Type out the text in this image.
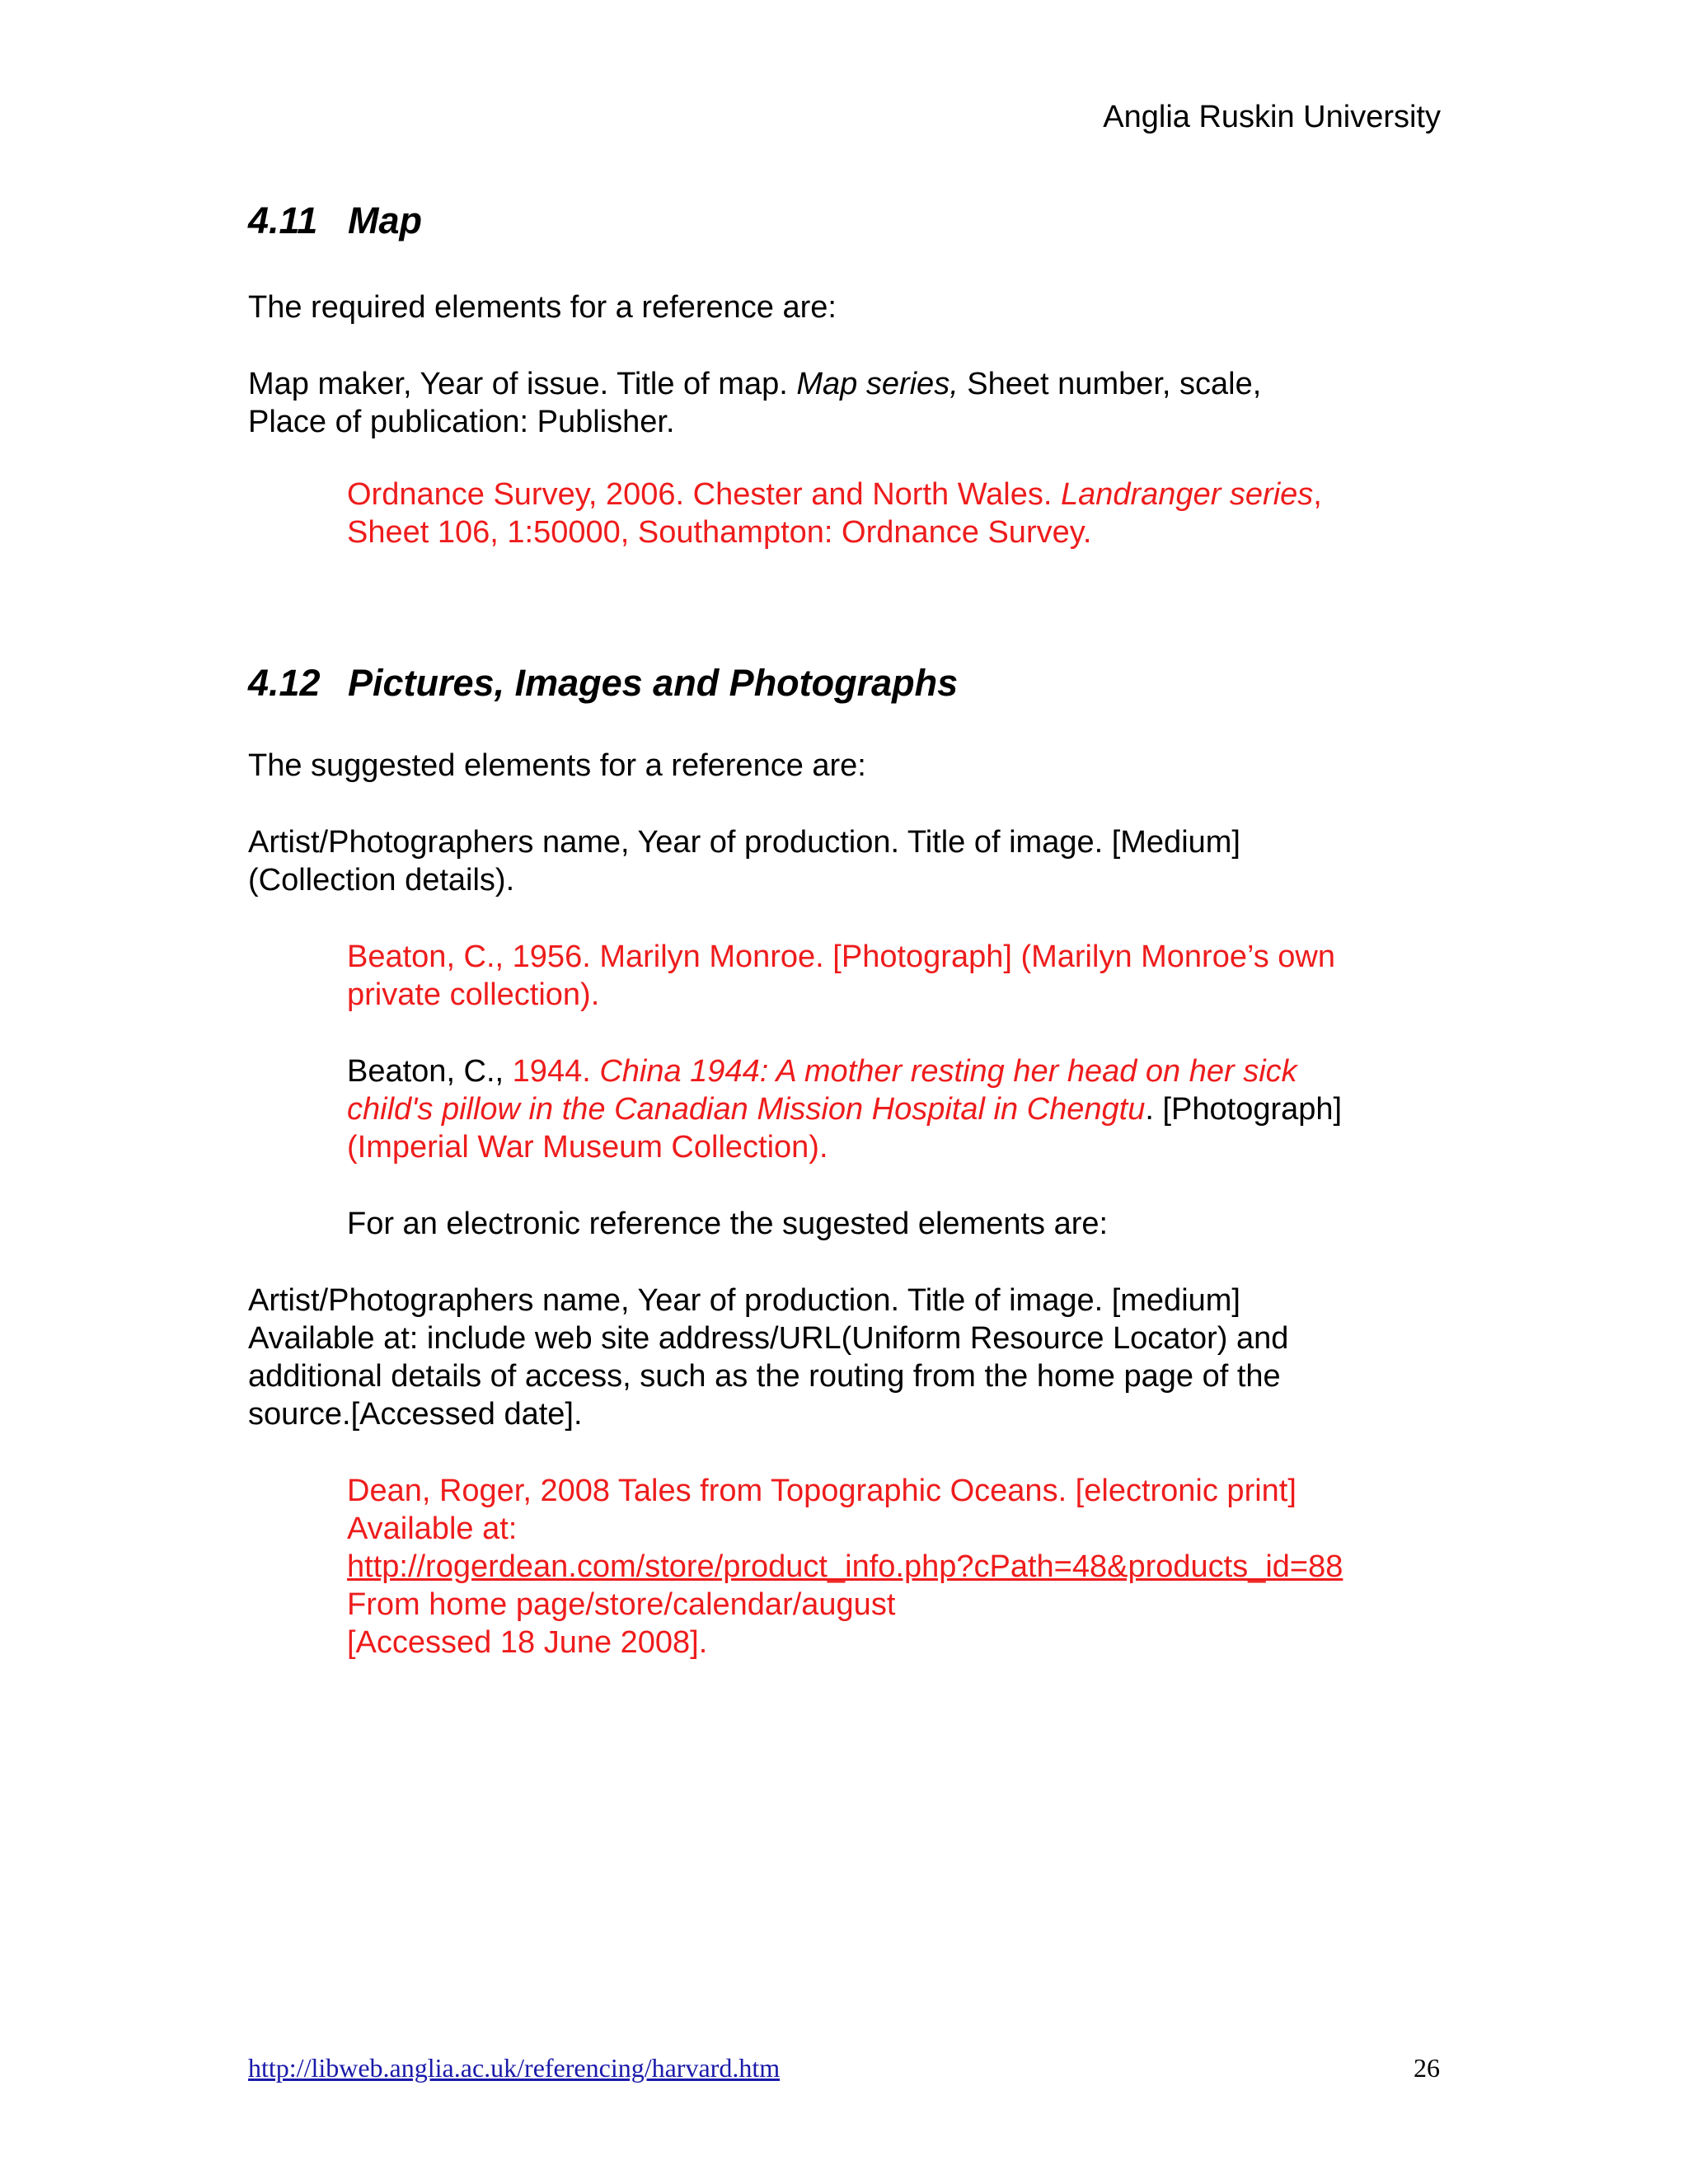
Anglia Ruskin University
4.11 Map
The required elements for a reference are:
Map maker, Year of issue. Title of map. Map series, Sheet number, scale,
Place of publication: Publisher.
Ordnance Survey, 2006. Chester and North Wales. Landranger series,
Sheet 106, 1:50000, Southampton: Ordnance Survey.
4.12 Pictures, Images and Photographs
The suggested elements for a reference are:
Artist/Photographers name, Year of production. Title of image. [Medium]
(Collection details).
Beaton, C., 1956. Marilyn Monroe. [Photograph] (Marilyn Monroe’s own
private collection).
Beaton, C., 1944. China 1944: A mother resting her head on her sick
child's pillow in the Canadian Mission Hospital in Chengtu. [Photograph]
(Imperial War Museum Collection).
For an electronic reference the sugested elements are:
Artist/Photographers name, Year of production. Title of image. [medium]
Available at: include web site address/URL(Uniform Resource Locator) and
additional details of access, such as the routing from the home page of the
source.[Accessed date].
Dean, Roger, 2008 Tales from Topographic Oceans. [electronic print]
Available at:
http://rogerdean.com/store/product_info.php?cPath=48&products_id=88
From home page/store/calendar/august
[Accessed 18 June 2008].
http://libweb.anglia.ac.uk/referencing/harvard.htm	26
